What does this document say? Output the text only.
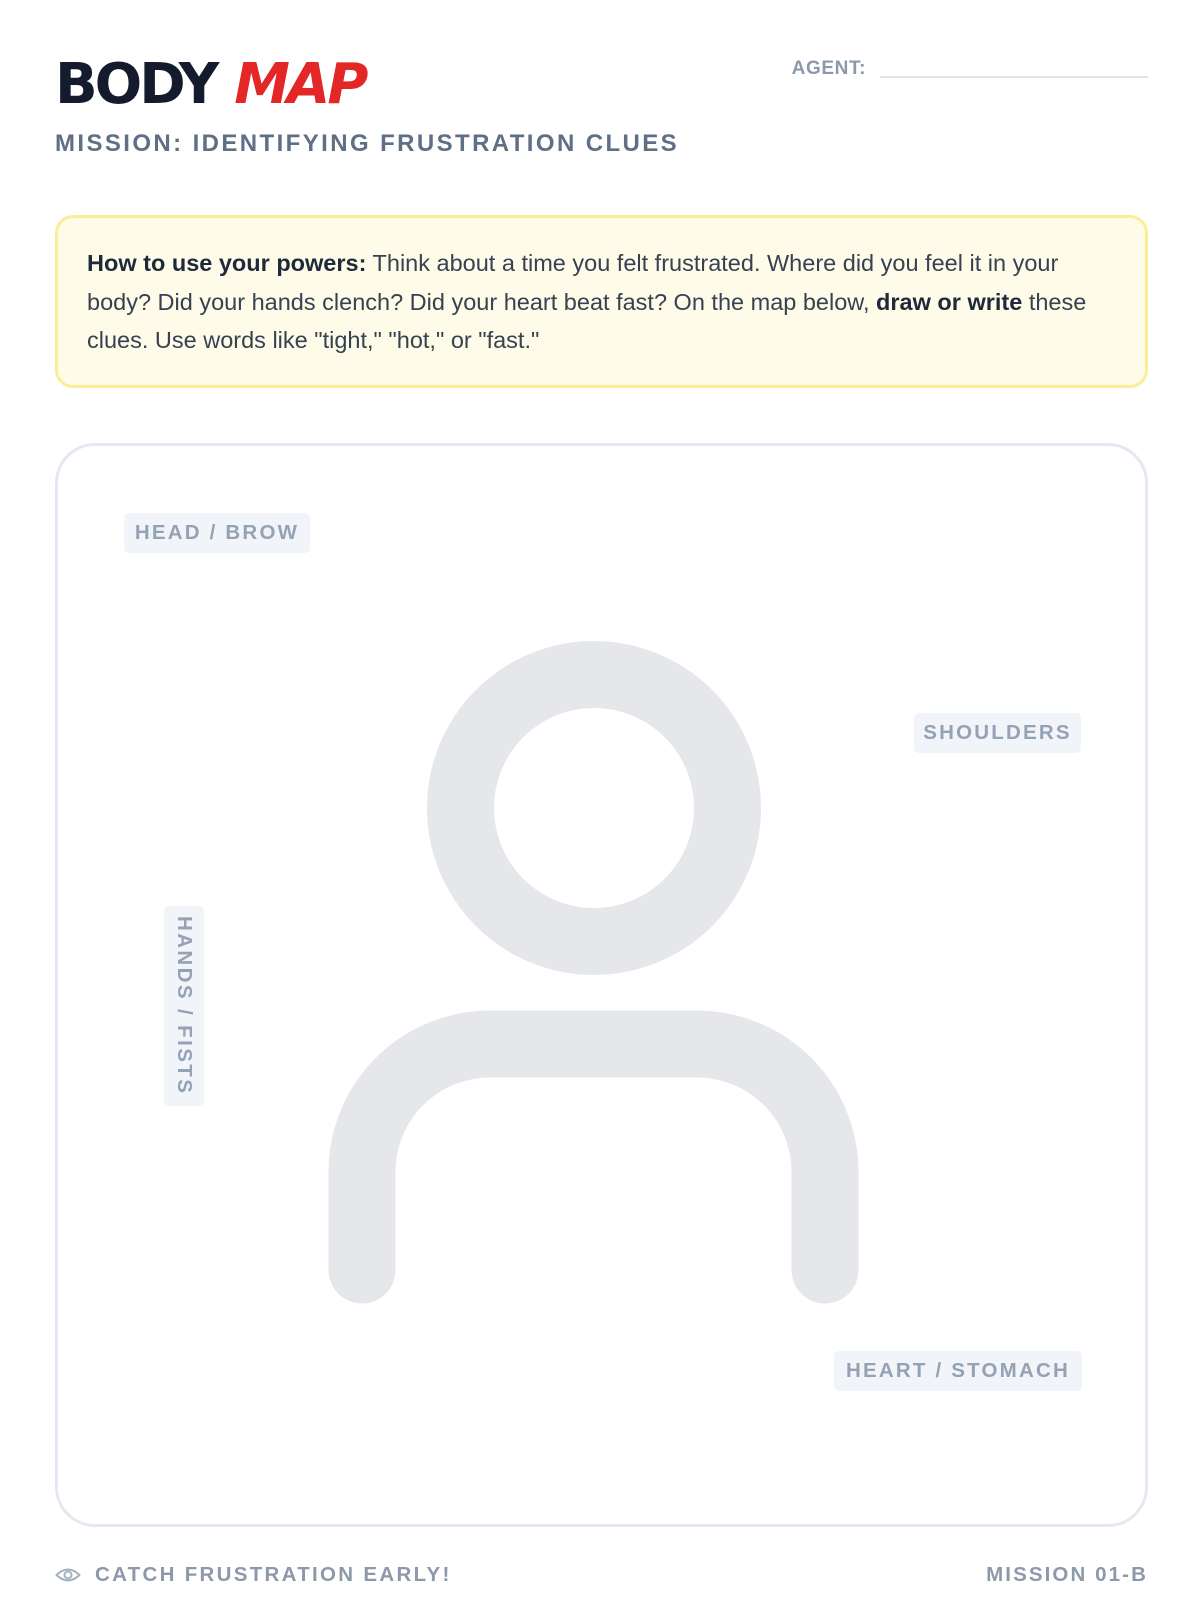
BODY MAP

MISSION: IDENTIFYING FRUSTRATION CLUES

AGENT:
How to use your powers: Think about a time you felt frustrated. Where did you feel it in your body? Did your hands clench? Did your heart beat fast? On the map below, draw or write these clues. Use words like "tight," "hot," or "fast."
HEAD / BROW
SHOULDERS
HANDS / FISTS
HEART / STOMACH
CATCH FRUSTRATION EARLY!	MISSION 01-B
